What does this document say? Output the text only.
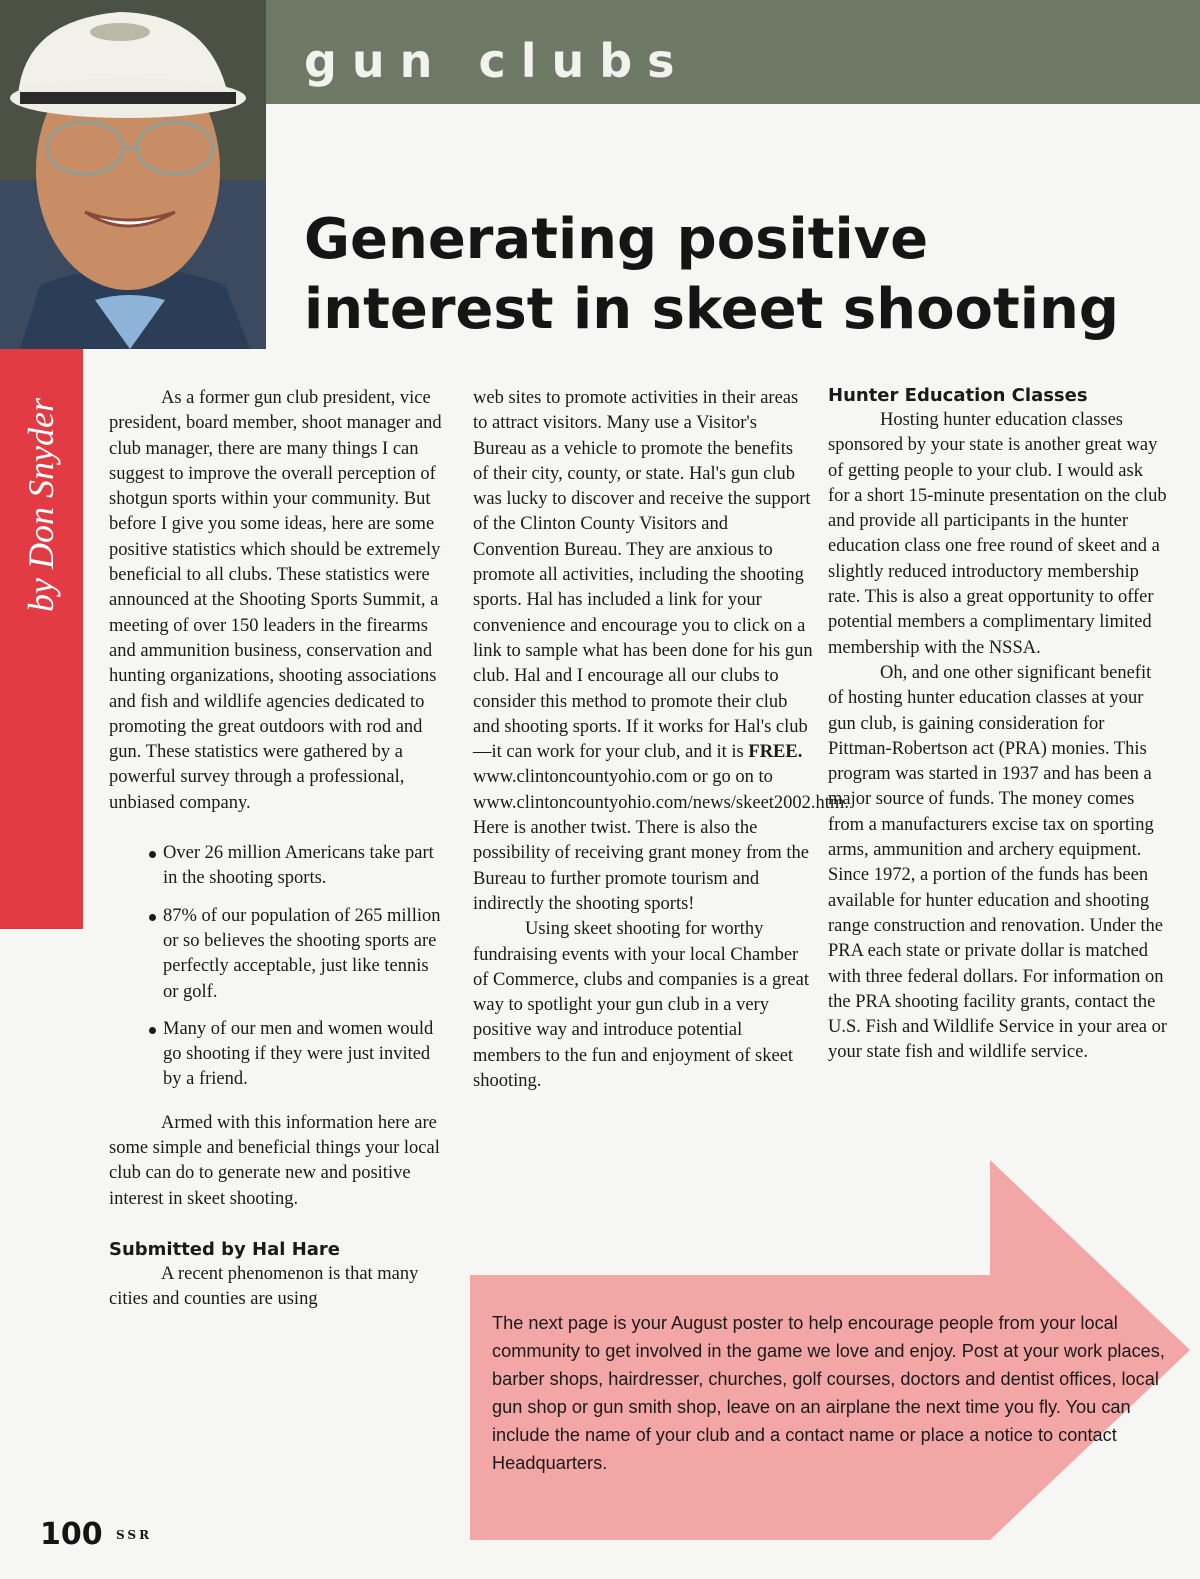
gun clubs
Generating positive
interest in skeet shooting
by Don Snyder

As a former gun club president, vice president, board member, shoot manager and club manager, there are many things I can suggest to improve the overall perception of shotgun sports within your community. But before I give you some ideas, here are some positive statistics which should be extremely beneficial to all clubs. These statistics were announced at the Shooting Sports Summit, a meeting of over 150 leaders in the firearms and ammunition business, conservation and hunting organizations, shooting associations and fish and wildlife agencies dedicated to promoting the great outdoors with rod and gun. These statistics were gathered by a powerful survey through a professional, unbiased company.

Over 26 million Americans take part in the shooting sports.
87% of our population of 265 million or so believes the shooting sports are perfectly acceptable, just like tennis or golf.
Many of our men and women would go shooting if they were just invited by a friend.

Armed with this information here are some simple and beneficial things your local club can do to generate new and positive interest in skeet shooting.

Submitted by Hal Hare

A recent phenomenon is that many cities and counties are using

web sites to promote activities in their areas to attract visitors. Many use a Visitor's Bureau as a vehicle to promote the benefits of their city, county, or state. Hal's gun club was lucky to discover and receive the support of the Clinton County Visitors and Convention Bureau. They are anxious to promote all activities, including the shooting sports. Hal has included a link for your convenience and encourage you to click on a link to sample what has been done for his gun club. Hal and I encourage all our clubs to consider this method to promote their club and shooting sports. If it works for Hal's club—it can work for your club, and it is FREE. www.clintoncountyohio.com or go on to www.clintoncountyohio.com/news/skeet2002.htm. Here is another twist. There is also the possibility of receiving grant money from the Bureau to further promote tourism and indirectly the shooting sports!

Using skeet shooting for worthy fundraising events with your local Chamber of Commerce, clubs and companies is a great way to spotlight your gun club in a very positive way and introduce potential members to the fun and enjoyment of skeet shooting.

Hunter Education Classes

Hosting hunter education classes sponsored by your state is another great way of getting people to your club. I would ask for a short 15-minute presentation on the club and provide all participants in the hunter education class one free round of skeet and a slightly reduced introductory membership rate. This is also a great opportunity to offer potential members a complimentary limited membership with the NSSA.

Oh, and one other significant benefit of hosting hunter education classes at your gun club, is gaining consideration for Pittman-Robertson act (PRA) monies. This program was started in 1937 and has been a major source of funds. The money comes from a manufacturers excise tax on sporting arms, ammunition and archery equipment. Since 1972, a portion of the funds has been available for hunter education and shooting range construction and renovation. Under the PRA each state or private dollar is matched with three federal dollars. For information on the PRA shooting facility grants, contact the U.S. Fish and Wildlife Service in your area or your state fish and wildlife service.

The next page is your August poster to help encourage people from your local community to get involved in the game we love and enjoy. Post at your work places, barber shops, hairdresser, churches, golf courses, doctors and dentist offices, local gun shop or gun smith shop, leave on an airplane the next time you fly. You can include the name of your club and a contact name or place a notice to contact Headquarters.

100 SSR
